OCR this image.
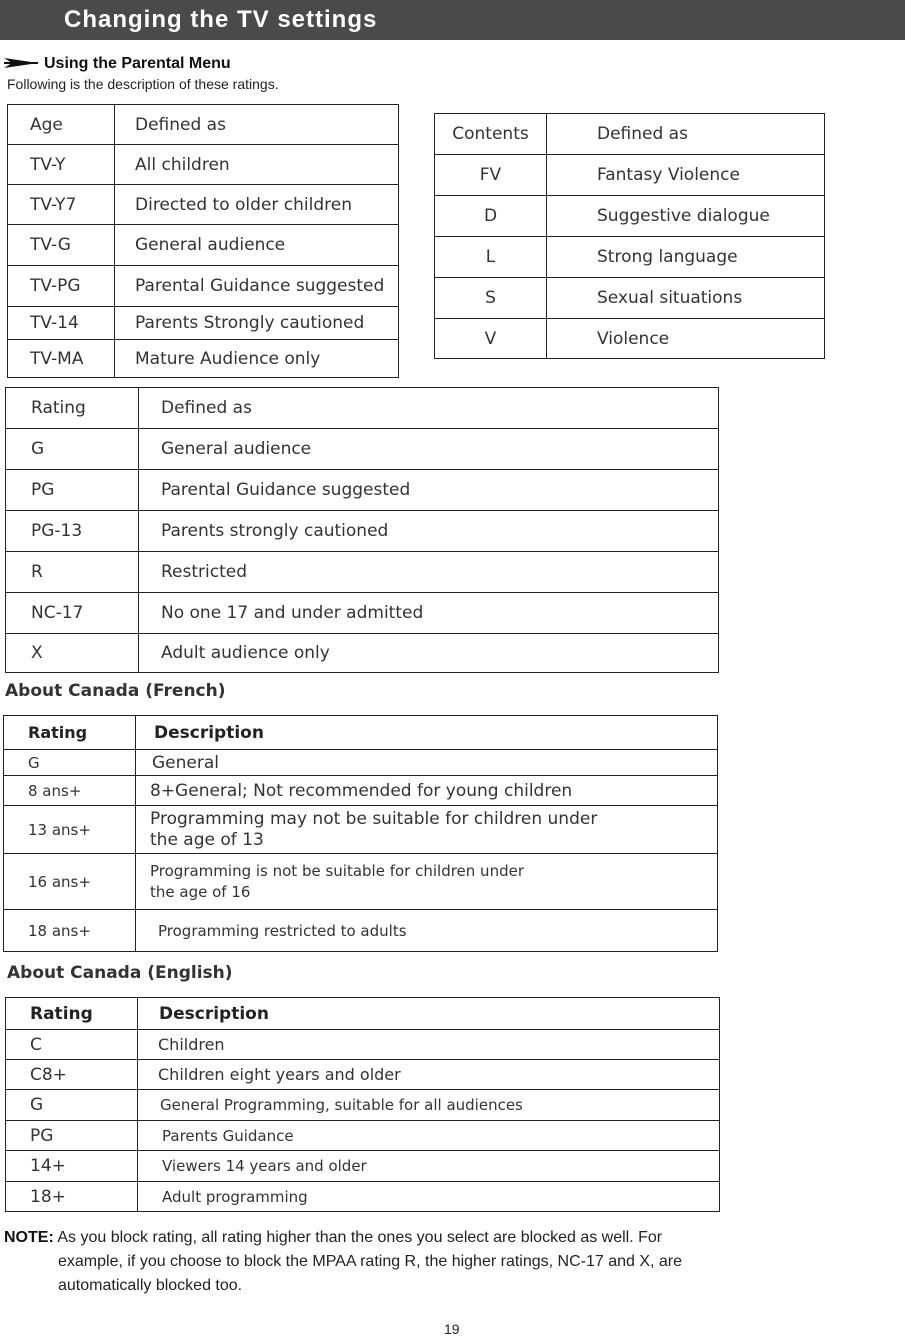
Changing the TV settings
Using the Parental Menu
Following is the description of these ratings.
Age	Defined as
TV-Y	All children
TV-Y7	Directed to older children
TV-G	General audience
TV-PG	Parental Guidance suggested
TV-14	Parents Strongly cautioned
TV-MA	Mature Audience only
Contents	Defined as
FV	Fantasy Violence
D	Suggestive dialogue
L	Strong language
S	Sexual situations
V	Violence
Rating	Defined as
G	General audience
PG	Parental Guidance suggested
PG-13	Parents strongly cautioned
R	Restricted
NC-17	No one 17 and under admitted
X	Adult audience only
About Canada (French)
Rating	Description
G	General
8 ans+	8+General; Not recommended for young children
13 ans+	Programming may not be suitable for children under
the age of 13

16 ans+	Programming is not be suitable for children under
the age of 16

18 ans+	Programming restricted to adults
About Canada (English)
Rating	Description
C	Children
C8+	Children eight years and older
G	General Programming, suitable for all audiences
PG	Parents Guidance
14+	Viewers 14 years and older
18+	Adult programming
NOTE: As you block rating, all rating higher than the ones you select are blocked as well. For
example, if you choose to block the MPAA rating R, the higher ratings, NC-17 and X, are
automatically blocked too.
19
